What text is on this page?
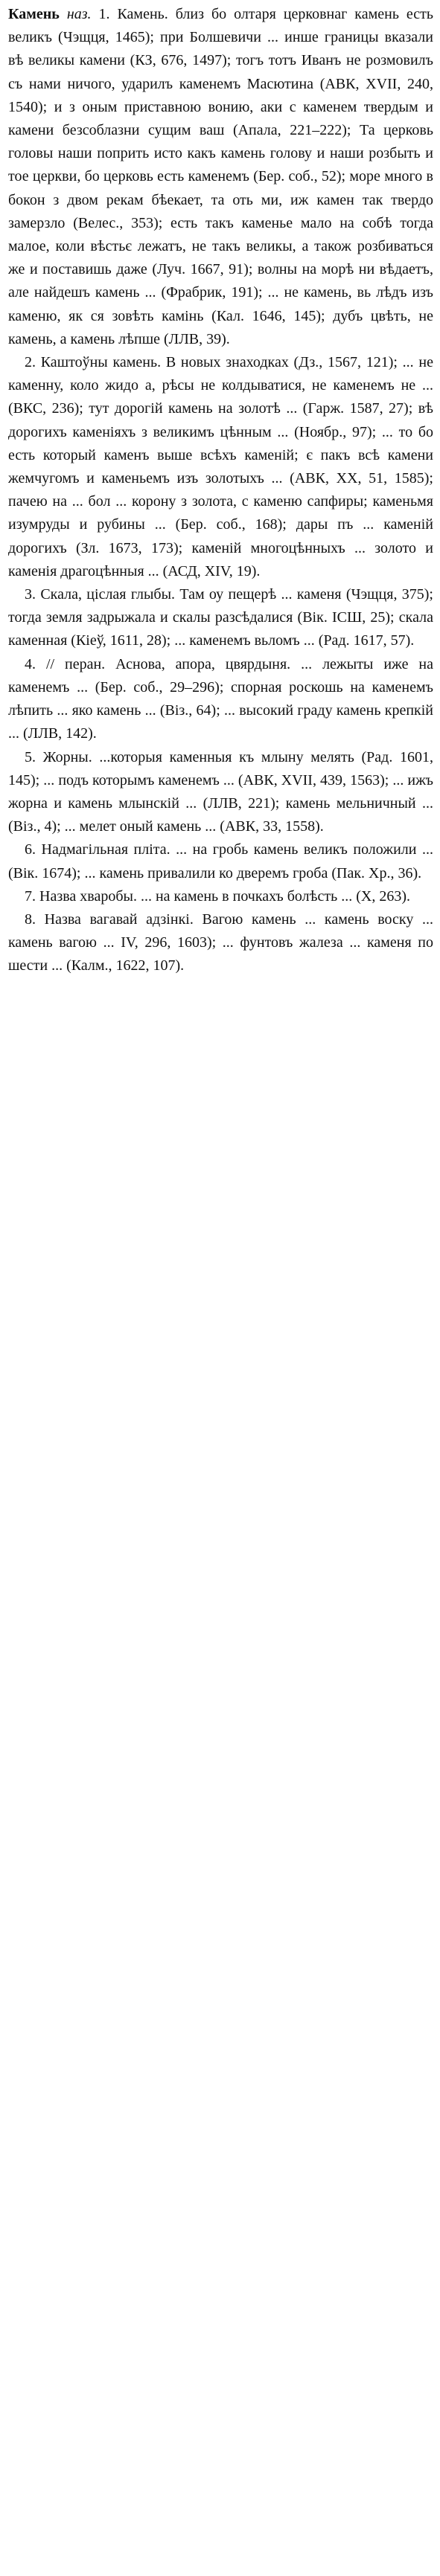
Камень наз. 1. Камень. близ бо олтаря церковнаг камень есть великъ (Чэщця, 1465); при Болшевичи ... инше границы вказали вѣ великы камени (КЗ, 676, 1497); тогъ тотъ Иванъ не розмовилъ съ нами ничого, ударилъ каменемъ Масютина (АВК, XVII, 240, 1540); и з оным приставною вонию, аки с каменем твердым и камени безсоблазни сущим ваш (Апала, 221–222); Та церковь головы наши поприть исто какъ камень голову и наши розбыть и тое церкви, бо церковь есть каменемъ (Бер. соб., 52); море много в бокон з двом рекам бѣекает, та оть ми, иж камен так твердо замерзло (Велес., 353); есть такъ каменье мало на собѣ тогда малое, коли вѣстьє лежатъ, не такъ великы, а також розбиваться же и поставишь даже (Луч. 1667, 91); волны на морѣ ни вѣдаетъ, але найдешъ камень ... (Фрабрик, 191); ... не камень, вь лѣдъ изъ каменю, як ся зовѣть камінь (Кал. 1646, 145); дубъ цвѣть, не камень, а камень лѣпше (ЛЛВ, 39).

2. Каштоўны камень. В новых знаходках (Дз., 1567, 121); ... не каменну, коло жидо а, рѣсы не колдыватися, не каменемъ не ... (ВКС, 236); тут дорогій камень на золотѣ ... (Гарж. 1587, 27); вѣ дорогихъ каменіяхъ з великимъ цѣнным ... (Ноябр., 97); ... то бо есть который каменъ выше всѣхъ каменій; є пакъ всѣ камени жемчугомъ и каменьемъ изъ золотыхъ ... (АВК, XX, 51, 1585); пачею на ... бол ... корону з золота, с каменю сапфиры; каменьмя изумруды и рубины ... (Бер. соб., 168); дары пъ ... каменій дорогихъ (Зл. 1673, 173); каменій многоцѣнныхъ ... золото и каменія драгоцѣнныя ... (АСД, XIV, 19).

3. Скала, ціслая глыбы. Там оу пещерѣ ... каменя (Чэщця, 375); тогда земля задрыжала и скалы разсѣдалися (Вік. ІСШ, 25); скала каменная (Кіеў, 1611, 28); ... каменемъ вьломъ ... (Рад. 1617, 57).

4. // перан. Аснова, апора, цвярдыня. ... лежыты иже на каменемъ ... (Бер. соб., 29–296); спорная роскошь на каменемъ лѣпить ... яко камень ... (Віз., 64); ... высокий граду камень крепкій ... (ЛЛВ, 142).

5. Жорны. ...которыя каменныя къ млыну мелять (Рад. 1601, 145); ... подъ которымъ каменемъ ... (АВК, XVII, 439, 1563); ... ижъ жорна и камень млынскій ... (ЛЛВ, 221); камень мельничный ... (Віз., 4); ... мелет оный камень ... (АВК, 33, 1558).

6. Надмагільная пліта. ... на гробь камень великъ положили ... (Вік. 1674); ... камень привалили ко дверемъ гроба (Пак. Хр., 36).

7. Назва хваробы. ... на камень в почкахъ болѣсть ... (Х, 263).

8. Назва вагавай адзінкі. Вагою камень ... камень воску ... камень вагою ... ІV, 296, 1603); ... фунтовъ жалеза ... каменя по шести ... (Калм., 1622, 107).
